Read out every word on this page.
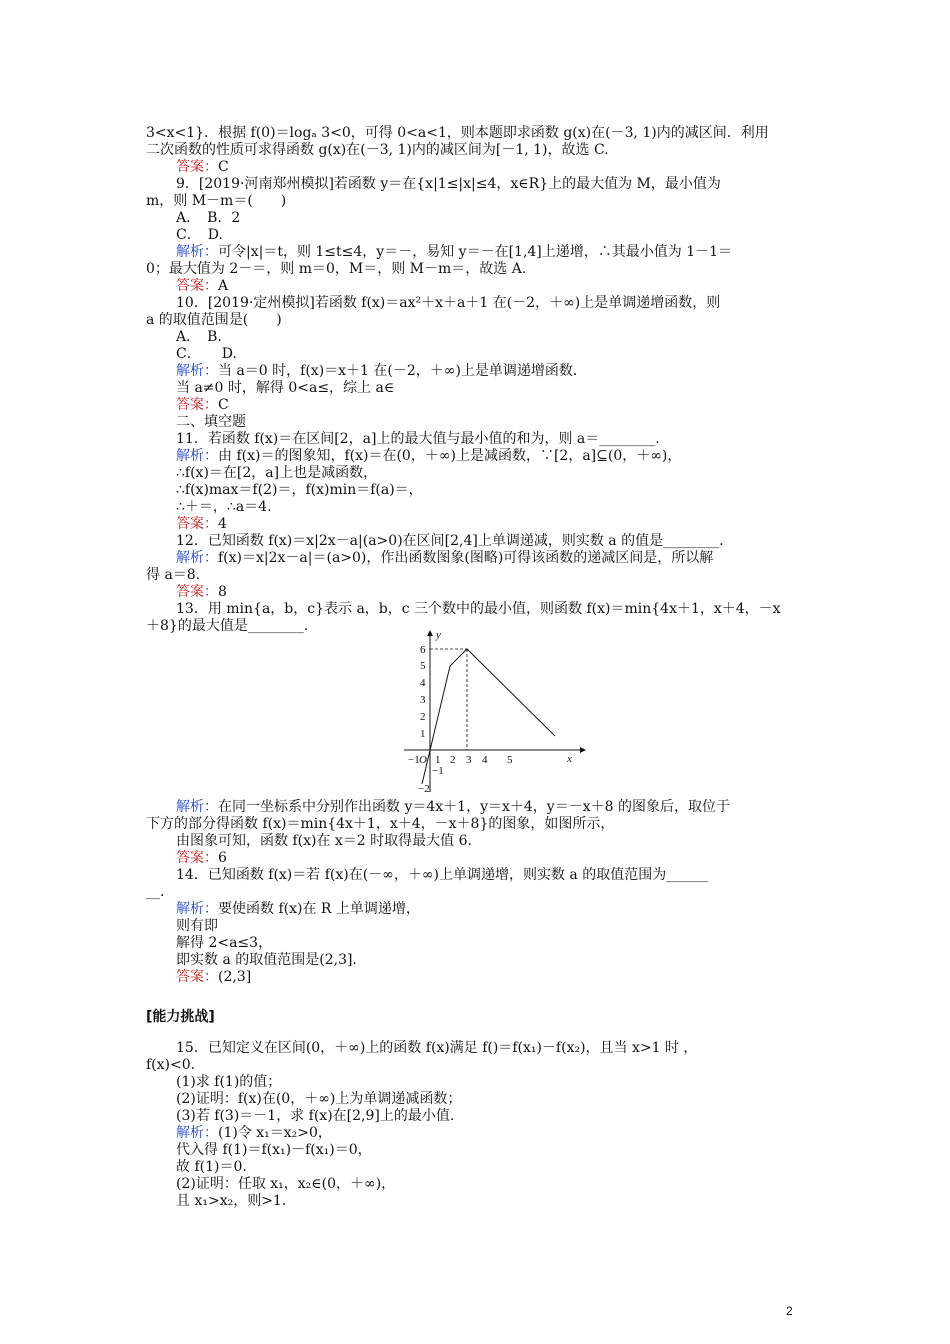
3<x<1}．根据 f(0)＝logₐ 3<0，可得 0<a<1，则本题即求函数 g(x)在(－3, 1)内的减区间．利用
二次函数的性质可求得函数 g(x)在(－3, 1)内的减区间为[－1, 1)，故选 C.
答案：C
9．[2019·河南郑州模拟]若函数 y＝在{x|1≤|x|≤4，x∈R}上的最大值为 M，最小值为
m，则 M－m＝(　　)
A．　B．2
C．　D.
解析：可令|x|＝t，则 1≤t≤4，y＝－，易知 y＝－在[1,4]上递增，∴其最小值为 1－1＝
0；最大值为 2－＝，则 m＝0，M＝，则 M－m＝，故选 A.
答案：A
10．[2019·定州模拟]若函数 f(x)＝ax²＋x＋a＋1 在(－2，＋∞)上是单调递增函数，则
a 的取值范围是(　　)
A．　B.
C．　　D.
解析：当 a＝0 时，f(x)＝x＋1 在(－2，＋∞)上是单调递增函数．
当 a≠0 时，解得 0<a≤，综上 a∈
答案：C
二、填空题
11．若函数 f(x)＝在区间[2，a]上的最大值与最小值的和为，则 a＝________.
解析：由 f(x)＝的图象知，f(x)＝在(0，＋∞)上是减函数，∵[2，a]⊆(0，＋∞)，
∴f(x)＝在[2，a]上也是减函数，
∴f(x)max＝f(2)＝，f(x)min＝f(a)＝，
∴＋＝，∴a＝4.
答案：4
12．已知函数 f(x)＝x|2x－a|(a>0)在区间[2,4]上单调递减，则实数 a 的值是________.
解析：f(x)＝x|2x－a|＝(a>0)，作出函数图象(图略)可得该函数的递减区间是，所以解
得 a＝8.
答案：8
13．用 min{a，b，c}表示 a，b，c 三个数中的最小值，则函数 f(x)＝min{4x＋1，x＋4，－x
＋8}的最大值是________.
y
x
−1 O 1 2 3 4 5
1
2
3
4
5
6
−1
−2
解析：在同一坐标系中分别作出函数 y＝4x＋1，y＝x＋4，y＝－x＋8 的图象后，取位于
下方的部分得函数 f(x)＝min{4x＋1，x＋4，－x＋8}的图象，如图所示，
由图象可知，函数 f(x)在 x＝2 时取得最大值 6.
答案：6
14．已知函数 f(x)＝若 f(x)在(－∞，＋∞)上单调递增，则实数 a 的取值范围为______
__.
解析：要使函数 f(x)在 R 上单调递增，
则有即
解得 2<a≤3，
即实数 a 的取值范围是(2,3].
答案：(2,3]
[能力挑战]
15．已知定义在区间(0，＋∞)上的函数 f(x)满足 f()＝f(x₁)－f(x₂)，且当 x>1 时 ，
f(x)<0.
(1)求 f(1)的值；
(2)证明：f(x)在(0，＋∞)上为单调递减函数；
(3)若 f(3)＝－1，求 f(x)在[2,9]上的最小值.
解析：(1)令 x₁＝x₂>0，
代入得 f(1)＝f(x₁)－f(x₁)＝0，
故 f(1)＝0.
(2)证明：任取 x₁，x₂∈(0，＋∞)，
且 x₁>x₂，则>1.
2
